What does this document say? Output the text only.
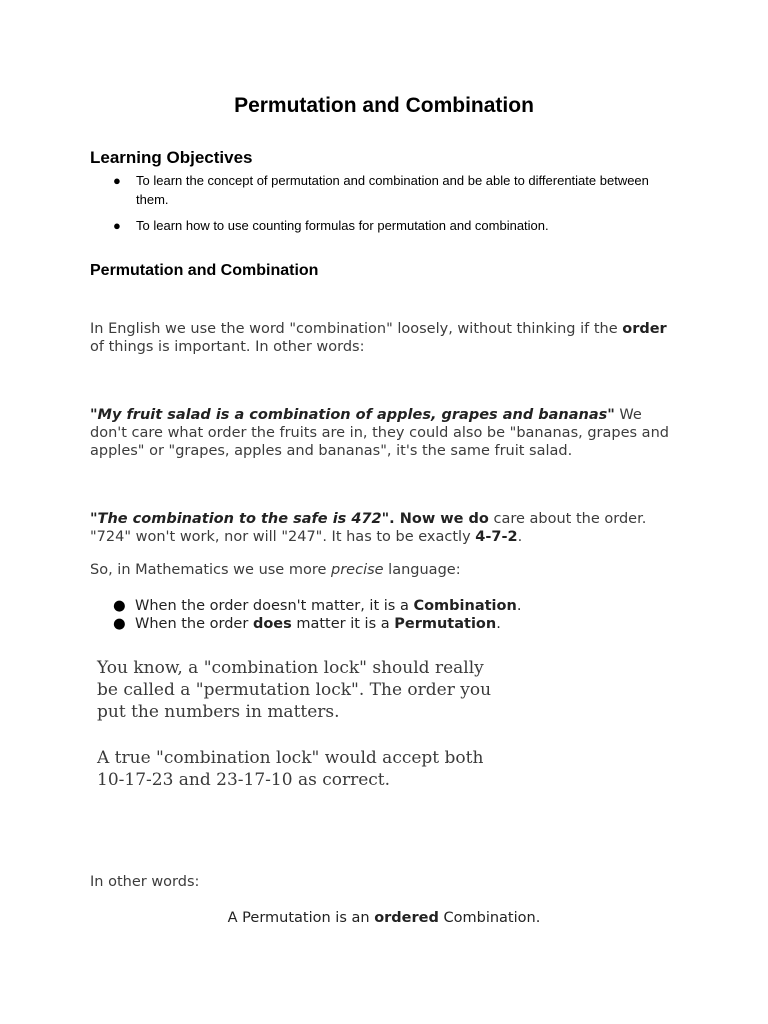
Permutation and Combination
Learning Objectives
● To learn the concept of permutation and combination and be able to differentiate between them.
● To learn how to use counting formulas for permutation and combination.
Permutation and Combination

In English we use the word "combination" loosely, without thinking if the order of things is important. In other words:

"My fruit salad is a combination of apples, grapes and bananas" We don't care what order the fruits are in, they could also be "bananas, grapes and apples" or "grapes, apples and bananas", it's the same fruit salad.

"The combination to the safe is 472". Now we do care about the order. "724" won't work, nor will "247". It has to be exactly 4-7-2.

So, in Mathematics we use more precise language:

● When the order doesn't matter, it is a Combination.
● When the order does matter it is a Permutation.

You know, a "combination lock" should really be called a "permutation lock". The order you put the numbers in matters.

A true "combination lock" would accept both 10-17-23 and 23-17-10 as correct.

In other words:

A Permutation is an ordered Combination.
